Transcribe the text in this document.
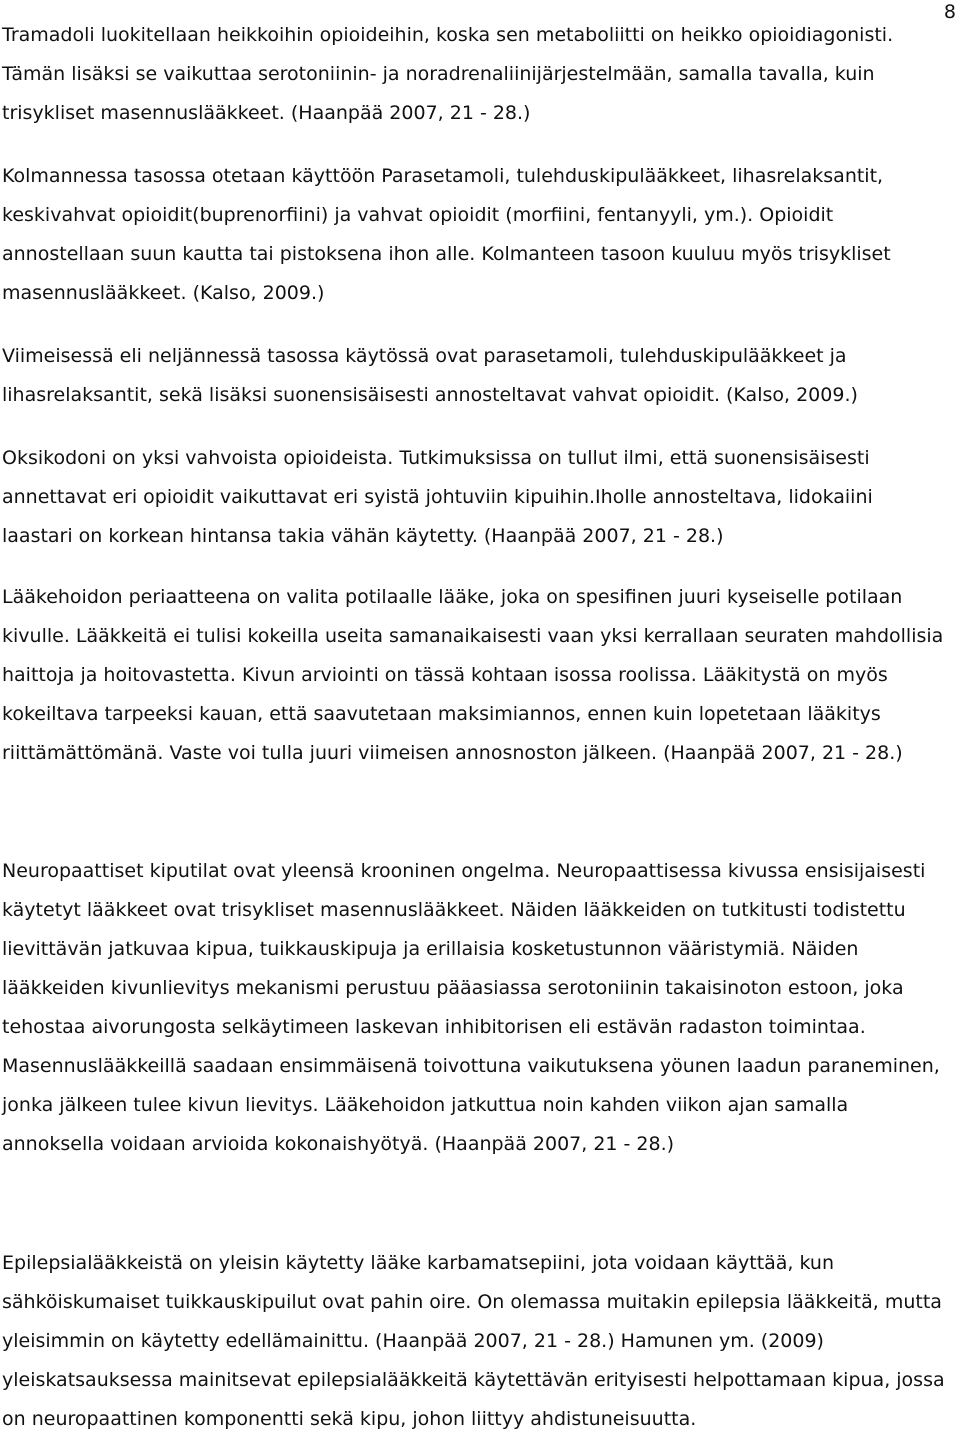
8

Tramadoli luokitellaan heikkoihin opioideihin, koska sen metaboliitti on heikko opioidiagonisti. Tämän lisäksi se vaikuttaa serotoniinin- ja noradrenaliinijärjestelmään, samalla tavalla, kuin trisykliset masennuslääkkeet. (Haanpää 2007, 21 - 28.)

Kolmannessa tasossa otetaan käyttöön Parasetamoli, tulehduskipulääkkeet, lihasrelaksantit, keskivahvat opioidit(buprenorfiini) ja vahvat opioidit (morfiini, fentanyyli, ym.). Opioidit annostellaan suun kautta tai pistoksena ihon alle. Kolmanteen tasoon kuuluu myös trisykliset masennuslääkkeet. (Kalso, 2009.)

Viimeisessä eli neljännessä tasossa käytössä ovat parasetamoli, tulehduskipulääkkeet ja lihasrelaksantit, sekä lisäksi suonensisäisesti annosteltavat vahvat opioidit. (Kalso, 2009.)

Oksikodoni on yksi vahvoista opioideista. Tutkimuksissa on tullut ilmi, että suonensisäisesti annettavat eri opioidit vaikuttavat eri syistä johtuviin kipuihin.Iholle annosteltava, lidokaiini laastari on korkean hintansa takia vähän käytetty. (Haanpää 2007, 21 - 28.)

Lääkehoidon periaatteena on valita potilaalle lääke, joka on spesifinen juuri kyseiselle potilaan kivulle. Lääkkeitä ei tulisi kokeilla useita samanaikaisesti vaan yksi kerrallaan seuraten mahdollisia haittoja ja hoitovastetta. Kivun arviointi on tässä kohtaan isossa roolissa. Lääkitystä on myös kokeiltava tarpeeksi kauan, että saavutetaan maksimiannos, ennen kuin lopetetaan lääkitys riittämättömänä. Vaste voi tulla juuri viimeisen annosnoston jälkeen. (Haanpää 2007, 21 - 28.)

Neuropaattiset kiputilat ovat yleensä krooninen ongelma. Neuropaattisessa kivussa ensisijaisesti käytetyt lääkkeet ovat trisykliset masennuslääkkeet. Näiden lääkkeiden on tutkitusti todistettu lievittävän jatkuvaa kipua, tuikkauskipuja ja erillaisia kosketustunnon vääristymiä. Näiden lääkkeiden kivunlievitys mekanismi perustuu pääasiassa serotoniinin takaisinoton estoon, joka tehostaa aivorungosta selkäytimeen laskevan inhibitorisen eli estävän radaston toimintaa. Masennuslääkkeillä saadaan ensimmäisenä toivottuna vaikutuksena yöunen laadun paraneminen, jonka jälkeen tulee kivun lievitys. Lääkehoidon jatkuttua noin kahden viikon ajan samalla annoksella voidaan arvioida kokonaishyötyä. (Haanpää 2007, 21 - 28.)

Epilepsialääkkeistä on yleisin käytetty lääke karbamatsepiini, jota voidaan käyttää, kun sähköiskumaiset tuikkauskipuilut ovat pahin oire. On olemassa muitakin epilepsia lääkkeitä, mutta yleisimmin on käytetty edellämainittu. (Haanpää 2007, 21 - 28.) Hamunen ym. (2009) yleiskatsauksessa mainitsevat epilepsialääkkeitä käytettävän erityisesti helpottamaan kipua, jossa on neuropaattinen komponentti sekä kipu, johon liittyy ahdistuneisuutta.
